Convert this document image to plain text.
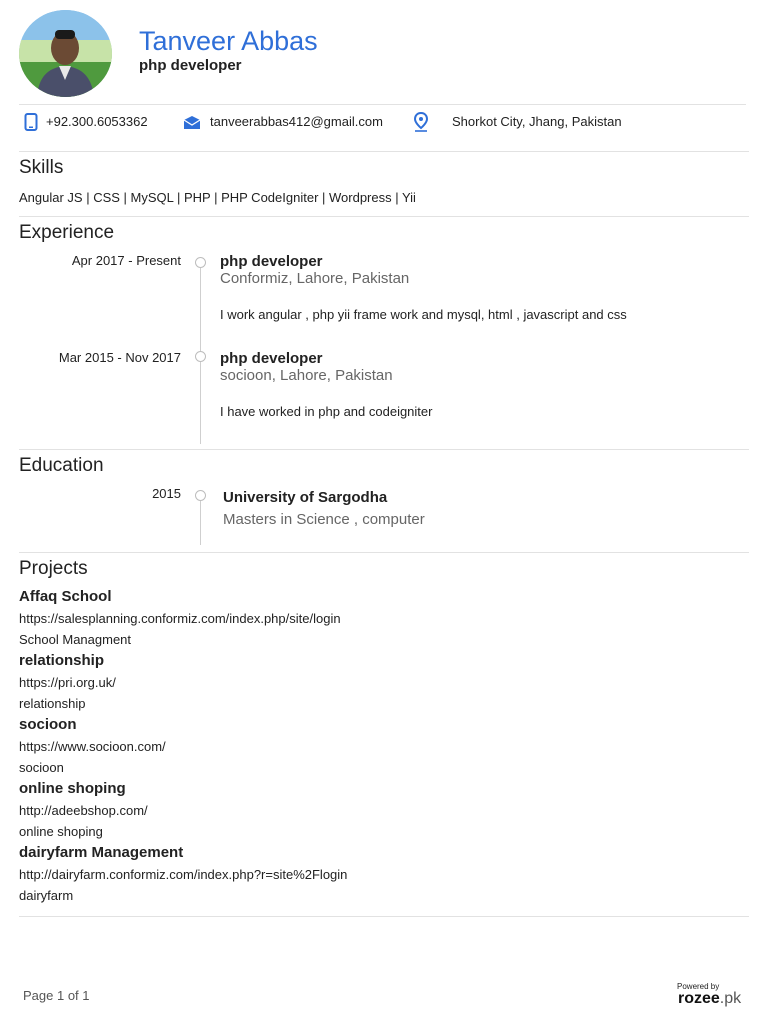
Tanveer Abbas
php developer
+92.300.6053362	tanveerabbas412@gmail.com	Shorkot City, Jhang, Pakistan
Skills
Angular JS | CSS | MySQL | PHP | PHP CodeIgniter | Wordpress | Yii
Experience
Apr 2017 - Present	php developer
Conformiz, Lahore, Pakistan
I work angular , php yii frame work and mysql, html , javascript and css
Mar 2015 - Nov 2017	php developer
socioon, Lahore, Pakistan
I have worked in php and codeigniter
Education
2015	University of Sargodha
Masters in Science , computer
Projects
Affaq School
https://salesplanning.conformiz.com/index.php/site/login
School Managment
relationship
https://pri.org.uk/
relationship
socioon
https://www.socioon.com/
socioon
online shoping
http://adeebshop.com/
online shoping
dairyfarm Management
http://dairyfarm.conformiz.com/index.php?r=site%2Flogin
dairyfarm
Page 1 of 1
Powered by
rozee.pk
